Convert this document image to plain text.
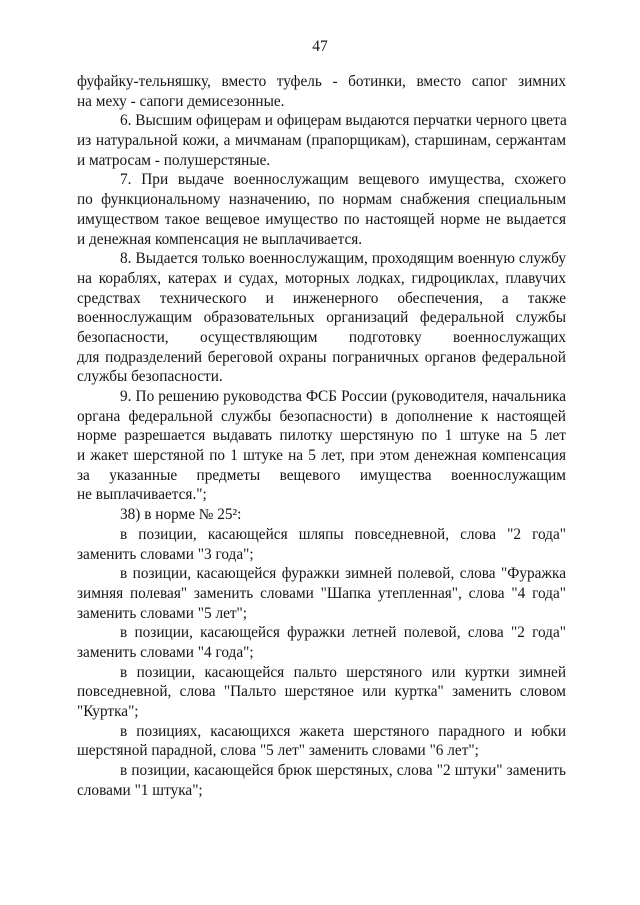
47
фуфайку-тельняшку, вместо туфель - ботинки, вместо сапог зимних
на меху - сапоги демисезонные.
6. Высшим офицерам и офицерам выдаются перчатки черного цвета
из натуральной кожи, а мичманам (прапорщикам), старшинам, сержантам
и матросам - полушерстяные.
7. При выдаче военнослужащим вещевого имущества, схожего
по функциональному назначению, по нормам снабжения специальным
имуществом такое вещевое имущество по настоящей норме не выдается
и денежная компенсация не выплачивается.
8. Выдается только военнослужащим, проходящим военную службу
на кораблях, катерах и судах, моторных лодках, гидроциклах, плавучих
средствах технического и инженерного обеспечения, а также
военнослужащим образовательных организаций федеральной службы
безопасности, осуществляющим подготовку военнослужащих
для подразделений береговой охраны пограничных органов федеральной
службы безопасности.
9. По решению руководства ФСБ России (руководителя, начальника
органа федеральной службы безопасности) в дополнение к настоящей
норме разрешается выдавать пилотку шерстяную по 1 штуке на 5 лет
и жакет шерстяной по 1 штуке на 5 лет, при этом денежная компенсация
за указанные предметы вещевого имущества военнослужащим
не выплачивается.";
38) в норме № 25²:
в позиции, касающейся шляпы повседневной, слова "2 года"
заменить словами "3 года";
в позиции, касающейся фуражки зимней полевой, слова "Фуражка
зимняя полевая" заменить словами "Шапка утепленная", слова "4 года"
заменить словами "5 лет";
в позиции, касающейся фуражки летней полевой, слова "2 года"
заменить словами "4 года";
в позиции, касающейся пальто шерстяного или куртки зимней
повседневной, слова "Пальто шерстяное или куртка" заменить словом
"Куртка";
в позициях, касающихся жакета шерстяного парадного и юбки
шерстяной парадной, слова "5 лет" заменить словами "6 лет";
в позиции, касающейся брюк шерстяных, слова "2 штуки" заменить
словами "1 штука";
